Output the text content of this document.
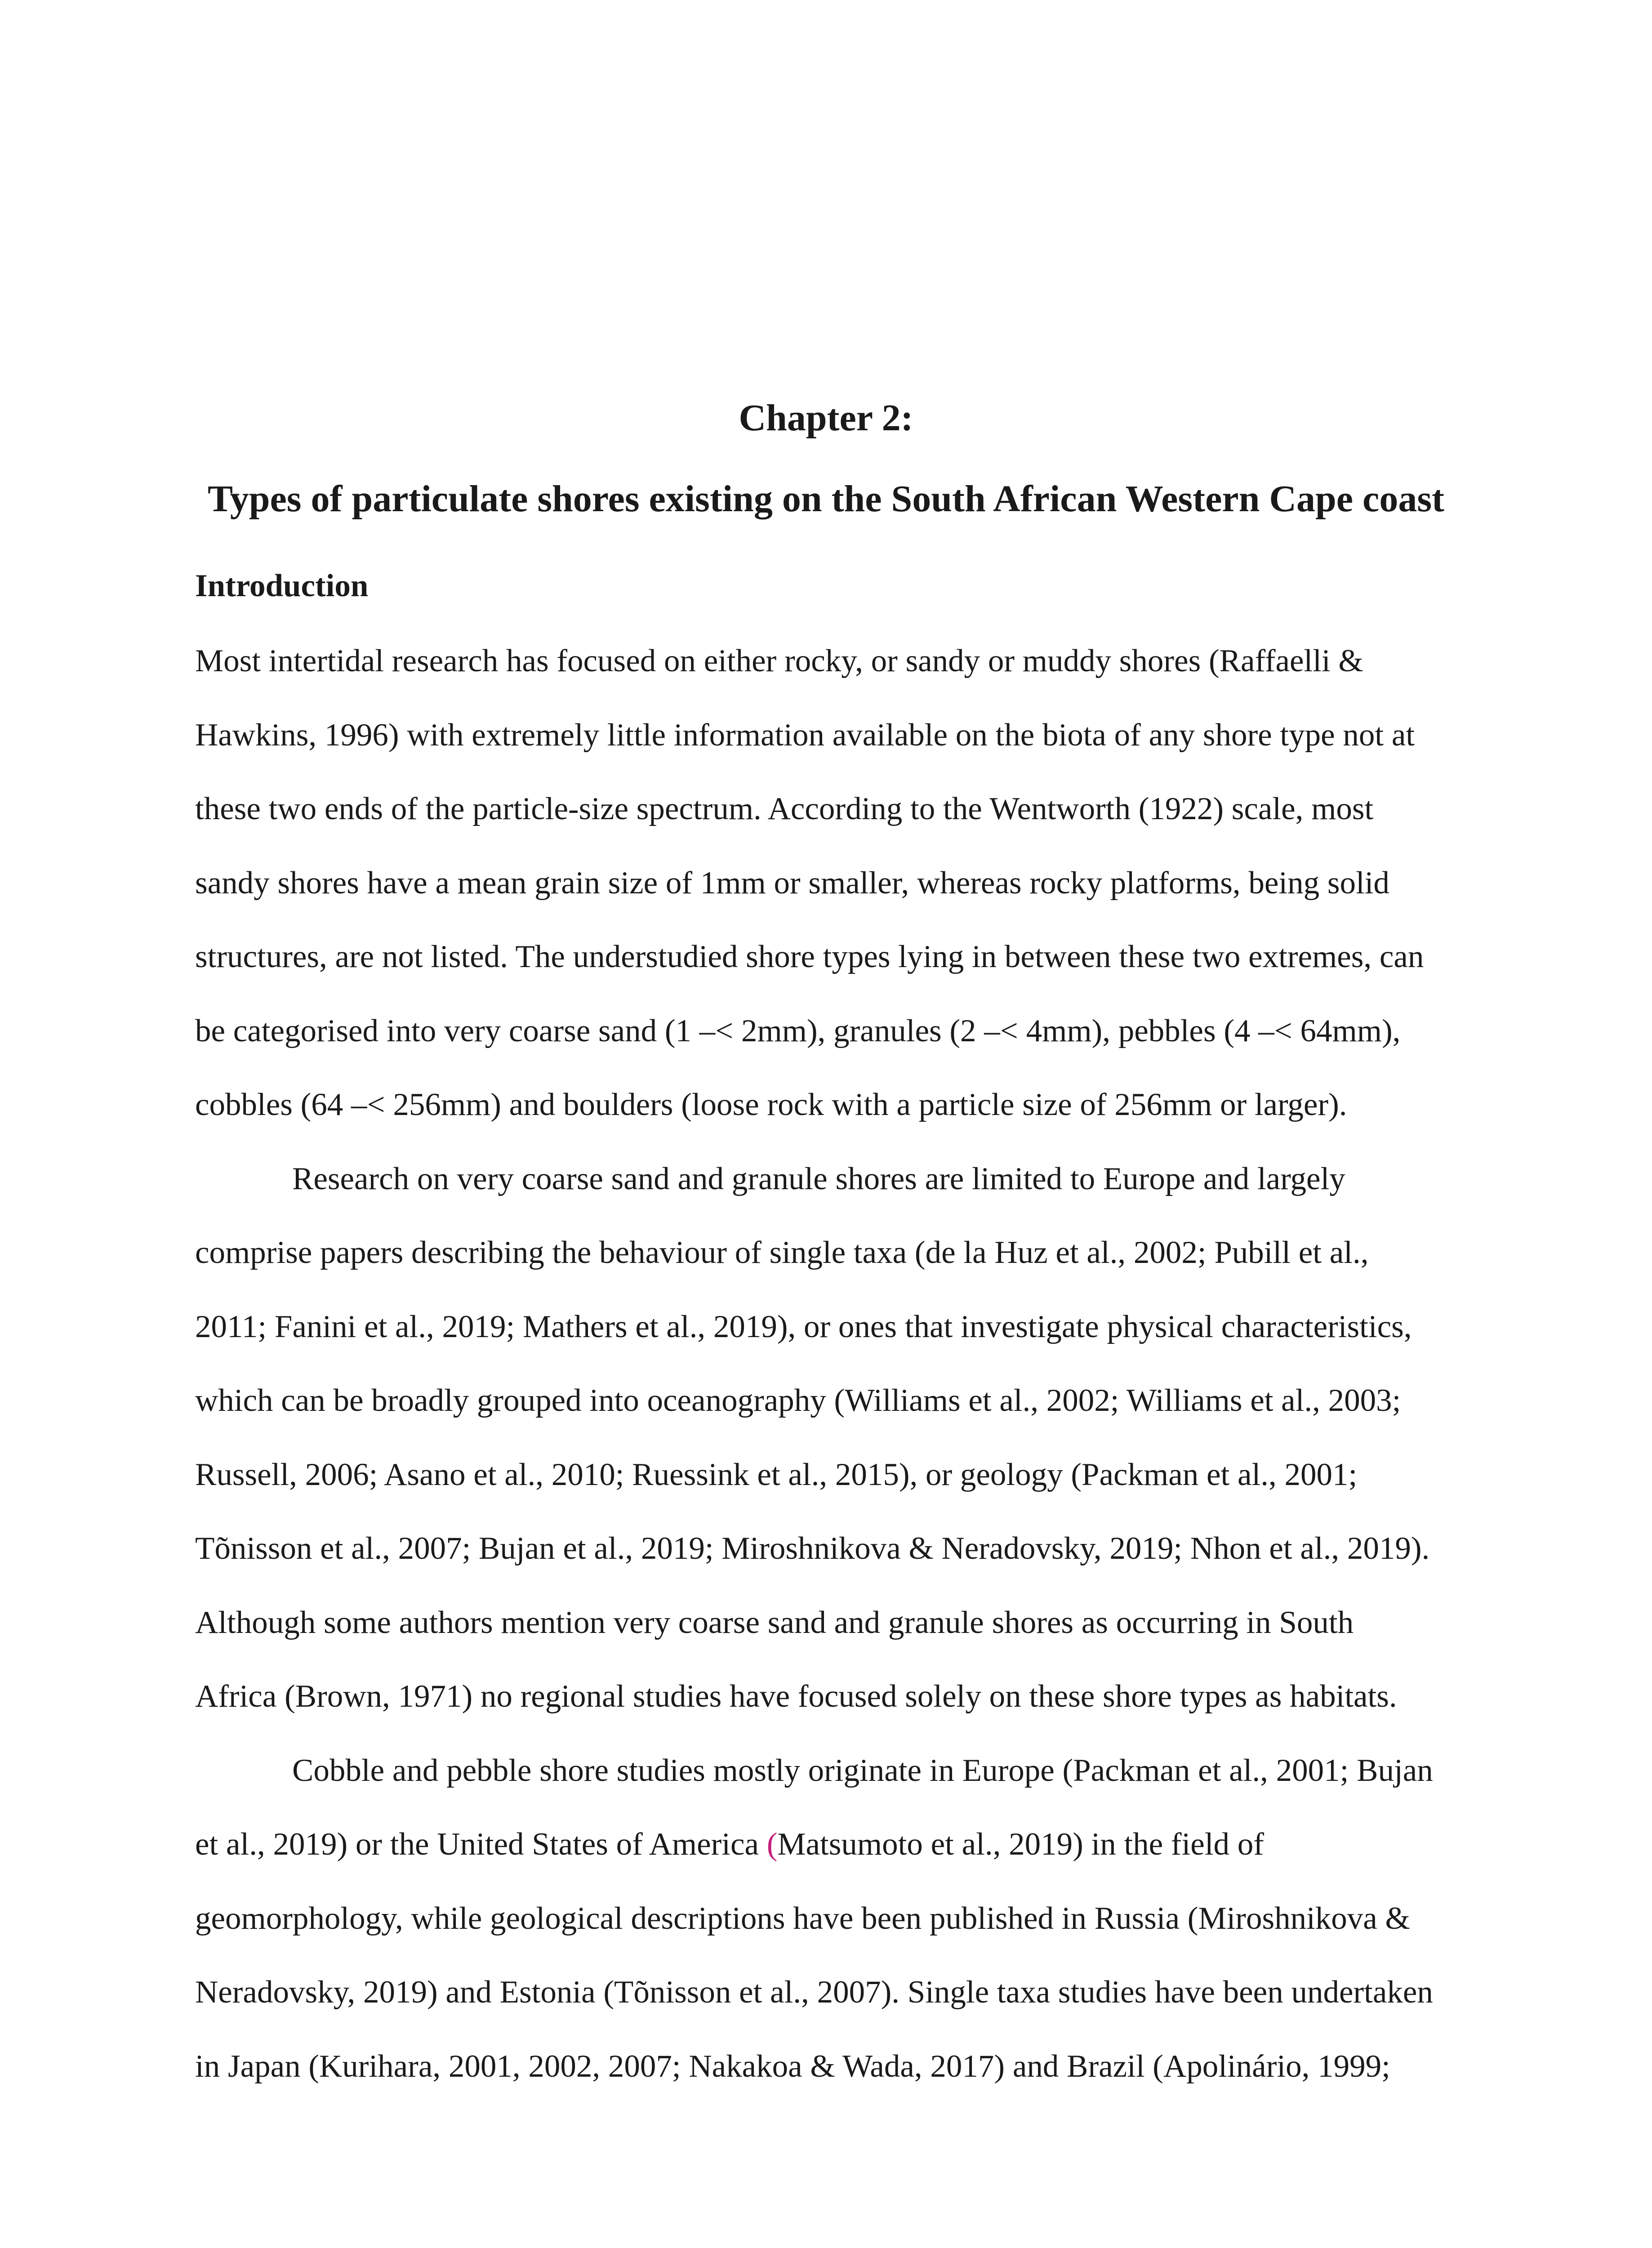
Chapter 2:
Types of particulate shores existing on the South African Western Cape coast
Introduction
Most intertidal research has focused on either rocky, or sandy or muddy shores (Raffaelli &
Hawkins, 1996) with extremely little information available on the biota of any shore type not at
these two ends of the particle-size spectrum. According to the Wentworth (1922) scale, most
sandy shores have a mean grain size of 1mm or smaller, whereas rocky platforms, being solid
structures, are not listed. The understudied shore types lying in between these two extremes, can
be categorised into very coarse sand (1 –< 2mm), granules (2 –< 4mm), pebbles (4 –< 64mm),
cobbles (64 –< 256mm) and boulders (loose rock with a particle size of 256mm or larger).
Research on very coarse sand and granule shores are limited to Europe and largely
comprise papers describing the behaviour of single taxa (de la Huz et al., 2002; Pubill et al.,
2011; Fanini et al., 2019; Mathers et al., 2019), or ones that investigate physical characteristics,
which can be broadly grouped into oceanography (Williams et al., 2002; Williams et al., 2003;
Russell, 2006; Asano et al., 2010; Ruessink et al., 2015), or geology (Packman et al., 2001;
Tõnisson et al., 2007; Bujan et al., 2019; Miroshnikova & Neradovsky, 2019; Nhon et al., 2019).
Although some authors mention very coarse sand and granule shores as occurring in South
Africa (Brown, 1971) no regional studies have focused solely on these shore types as habitats.
Cobble and pebble shore studies mostly originate in Europe (Packman et al., 2001; Bujan
et al., 2019) or the United States of America (Matsumoto et al., 2019) in the field of
geomorphology, while geological descriptions have been published in Russia (Miroshnikova &
Neradovsky, 2019) and Estonia (Tõnisson et al., 2007). Single taxa studies have been undertaken
in Japan (Kurihara, 2001, 2002, 2007; Nakakoa & Wada, 2017) and Brazil (Apolinário, 1999;
